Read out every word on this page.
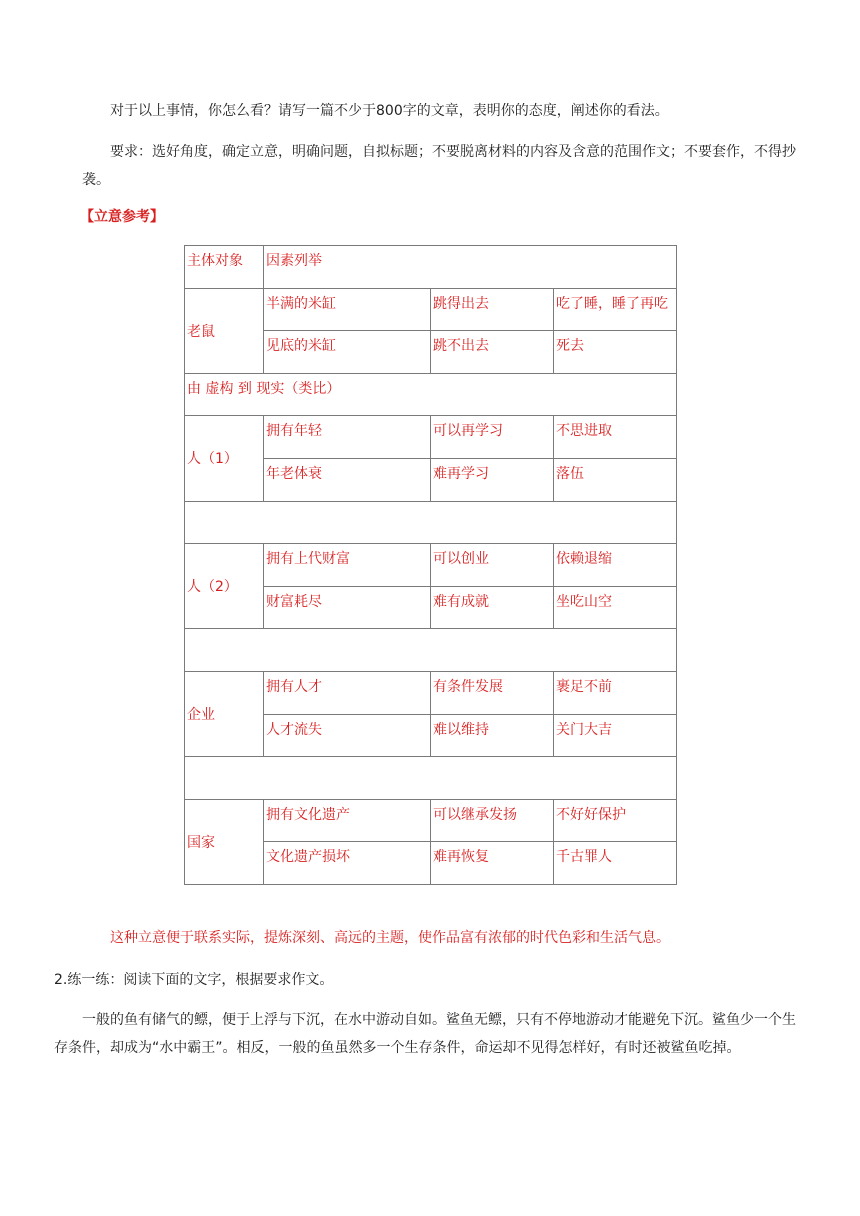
对于以上事情，你怎么看？请写一篇不少于800字的文章，表明你的态度，阐述你的看法。

要求：选好角度，确定立意，明确问题，自拟标题；不要脱离材料的内容及含意的范围作文；不要套作，不得抄袭。

【立意参考】
主体对象	因素列举		
老鼠	半满的米缸	跳得出去	吃了睡，睡了再吃
	见底的米缸	跳不出去	死去
由 虚构 到 现实（类比）			
人（1）	拥有年轻	可以再学习	不思进取
	年老体衰	难再学习	落伍

人（2）	拥有上代财富	可以创业	依赖退缩
	财富耗尽	难有成就	坐吃山空

企业	拥有人才	有条件发展	裹足不前
	人才流失	难以维持	关门大吉

国家	拥有文化遗产	可以继承发扬	不好好保护
	文化遗产损坏	难再恢复	千古罪人

这种立意便于联系实际，提炼深刻、高远的主题，使作品富有浓郁的时代色彩和生活气息。

2.练一练：阅读下面的文字，根据要求作文。

一般的鱼有储气的鳔，便于上浮与下沉，在水中游动自如。鲨鱼无鳔，只有不停地游动才能避免下沉。鲨鱼少一个生存条件，却成为“水中霸王”。相反，一般的鱼虽然多一个生存条件，命运却不见得怎样好，有时还被鲨鱼吃掉。
